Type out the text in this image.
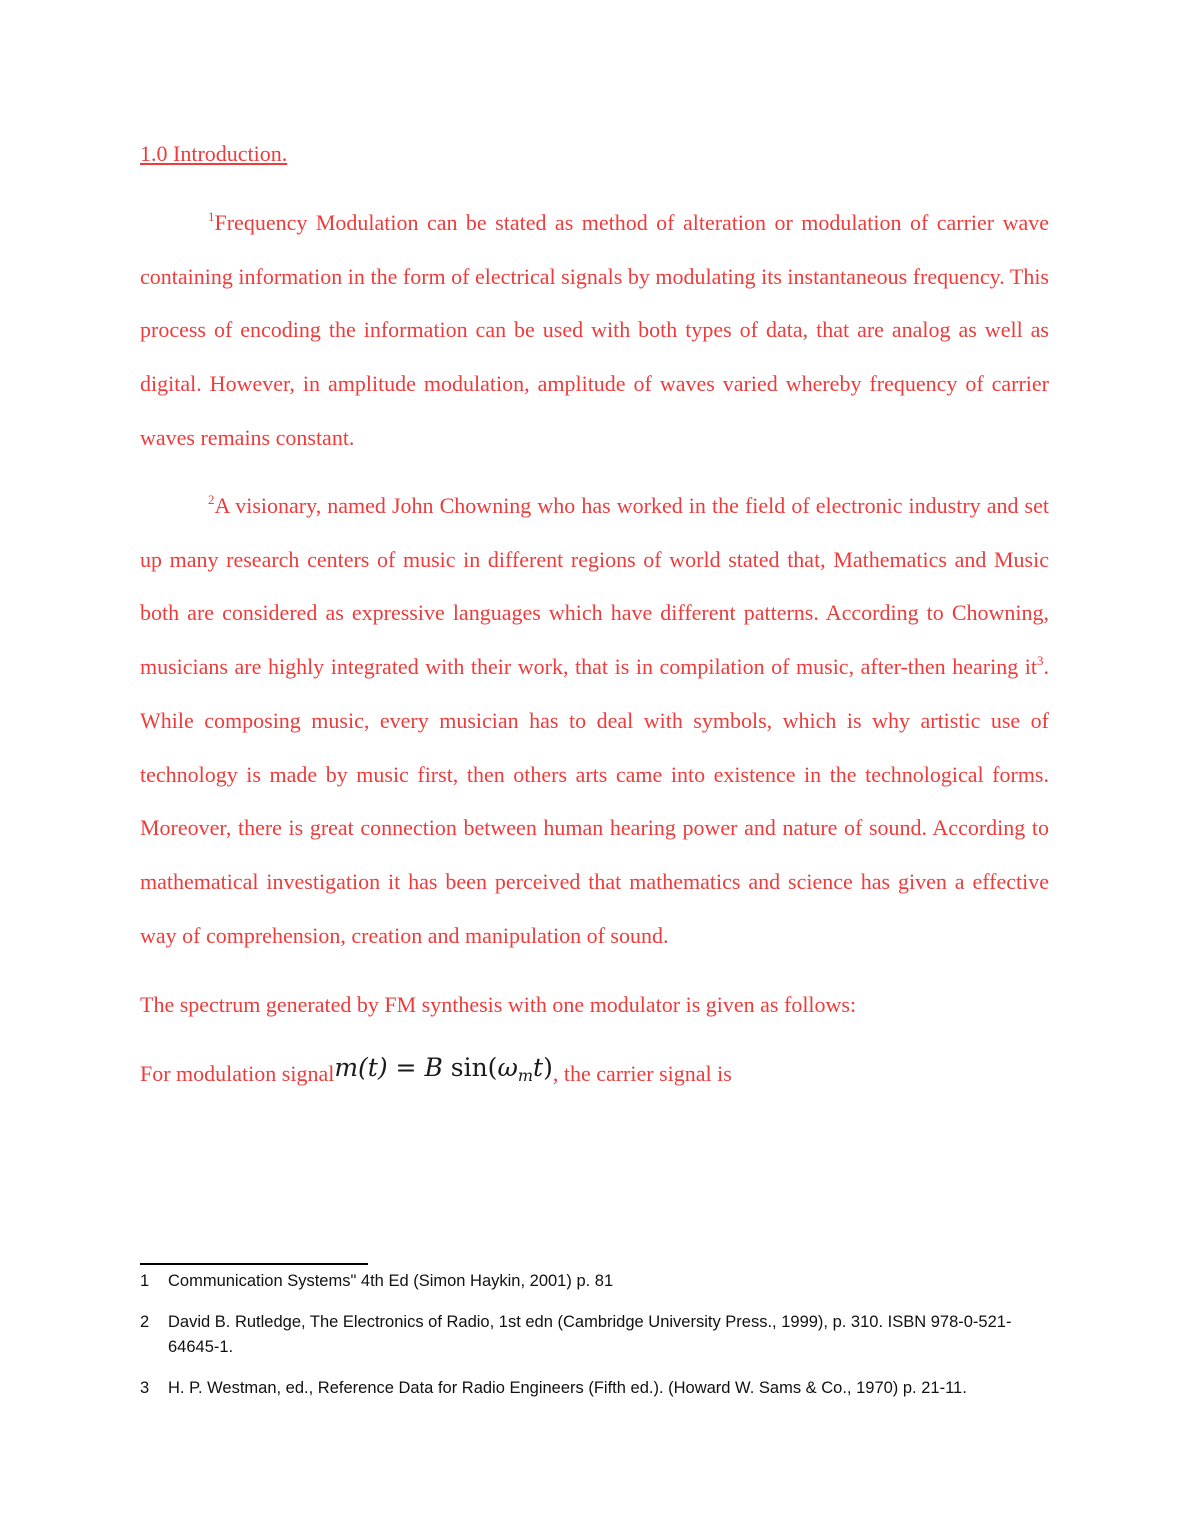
1.0 Introduction.

$^1$Frequency Modulation can be stated as method of alteration or modulation of carrier wave containing information in the form of electrical signals by modulating its instantaneous frequency. This process of encoding the information can be used with both types of data, that are analog as well as digital. However, in amplitude modulation, amplitude of waves varied whereby frequency of carrier waves remains constant.

$^2$A visionary, named John Chowning who has worked in the field of electronic industry and set up many research centers of music in different regions of world stated that, Mathematics and Music both are considered as expressive languages which have different patterns. According to Chowning, musicians are highly integrated with their work, that is in compilation of music, after-then hearing $it^3$. While composing music, every musician has to deal with symbols, which is why artistic use of technology is made by music first, then others arts came into existence in the technological forms. Moreover, there is great connection between human hearing power and nature of sound. According to mathematical investigation it has been perceived that mathematics and science has given a effective way of comprehension, creation and manipulation of sound.

The spectrum generated by FM synthesis with one modulator is given as follows:
For modulation signalm(t) = B $\sin(\omega_mt)$, the carrier signal is
1 Communication Systems" 4th Ed (Simon Haykin, 2001) p. 81
2 David B. Rutledge, The Electronics of Radio, 1st edn (Cambridge University Press., 1999), p. 310. ISBN 978-0-521-64645-1.
3 H. P. Westman, ed., Reference Data for Radio Engineers (Fifth ed.). (Howard W. Sams & Co., 1970) p. 21-11.
